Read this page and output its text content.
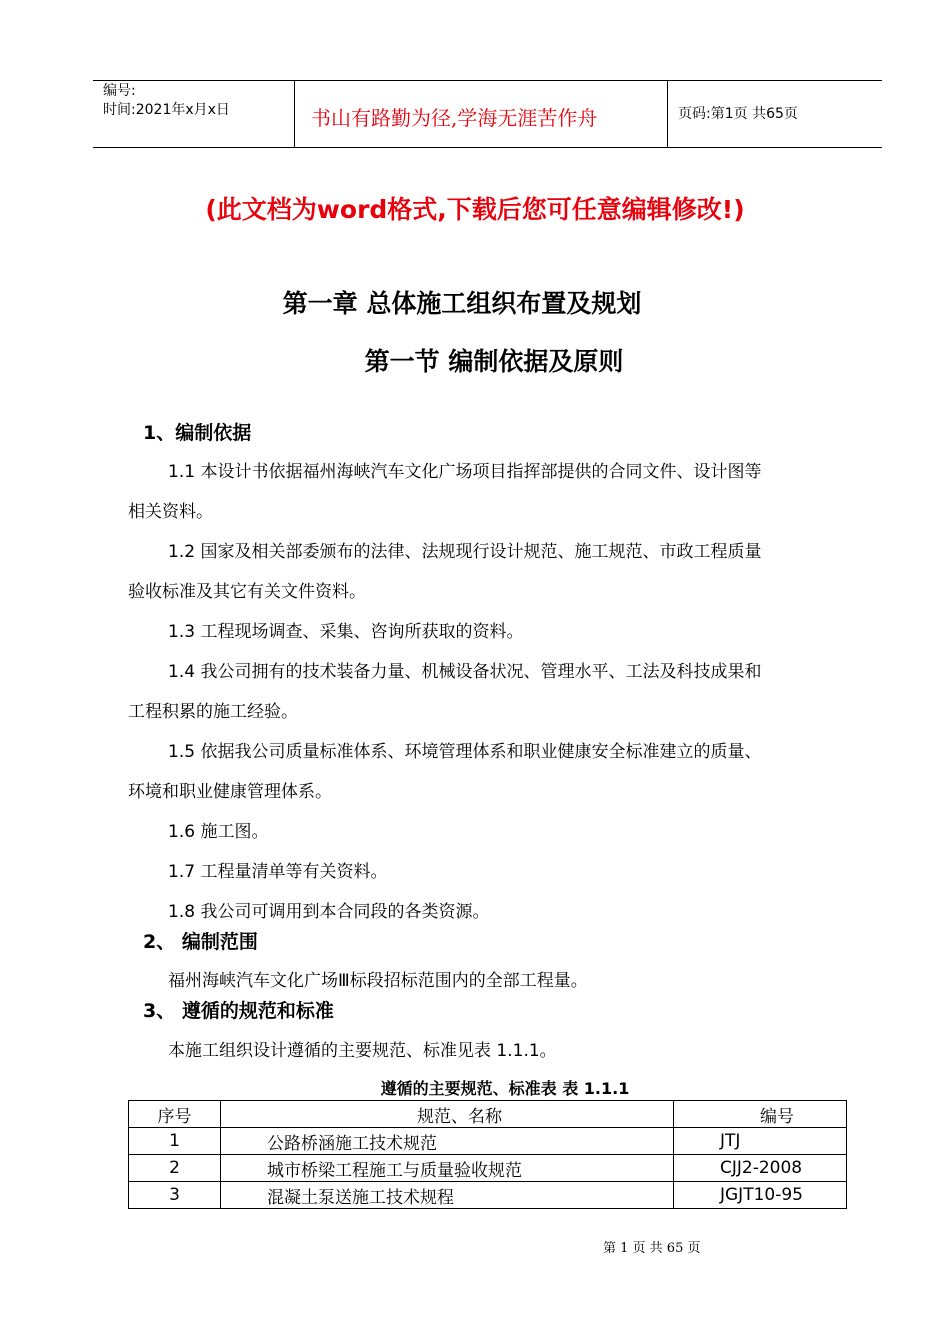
编号:
时间:2021年x月x日	书山有路勤为径,学海无涯苦作舟	页码:第1页 共65页
(此文档为word格式,下载后您可任意编辑修改!)
第一章 总体施工组织布置及规划
第一节 编制依据及原则
1、编制依据
1.1 本设计书依据福州海峡汽车文化广场项目指挥部提供的合同文件、设计图等
相关资料。
1.2 国家及相关部委颁布的法律、法规现行设计规范、施工规范、市政工程质量
验收标准及其它有关文件资料。
1.3 工程现场调查、采集、咨询所获取的资料。
1.4 我公司拥有的技术装备力量、机械设备状况、管理水平、工法及科技成果和
工程积累的施工经验。
1.5 依据我公司质量标准体系、环境管理体系和职业健康安全标准建立的质量、
环境和职业健康管理体系。
1.6 施工图。
1.7 工程量清单等有关资料。
1.8 我公司可调用到本合同段的各类资源。
2、 编制范围
福州海峡汽车文化广场Ⅲ标段招标范围内的全部工程量。
3、 遵循的规范和标准
本施工组织设计遵循的主要规范、标准见表 1.1.1。
遵循的主要规范、标准表 表 1.1.1
序号	规范、名称	编号
1	公路桥涵施工技术规范	JTJ
2	城市桥梁工程施工与质量验收规范	CJJ2-2008
3	混凝土泵送施工技术规程	JGJT10-95
第 1 页 共 65 页
